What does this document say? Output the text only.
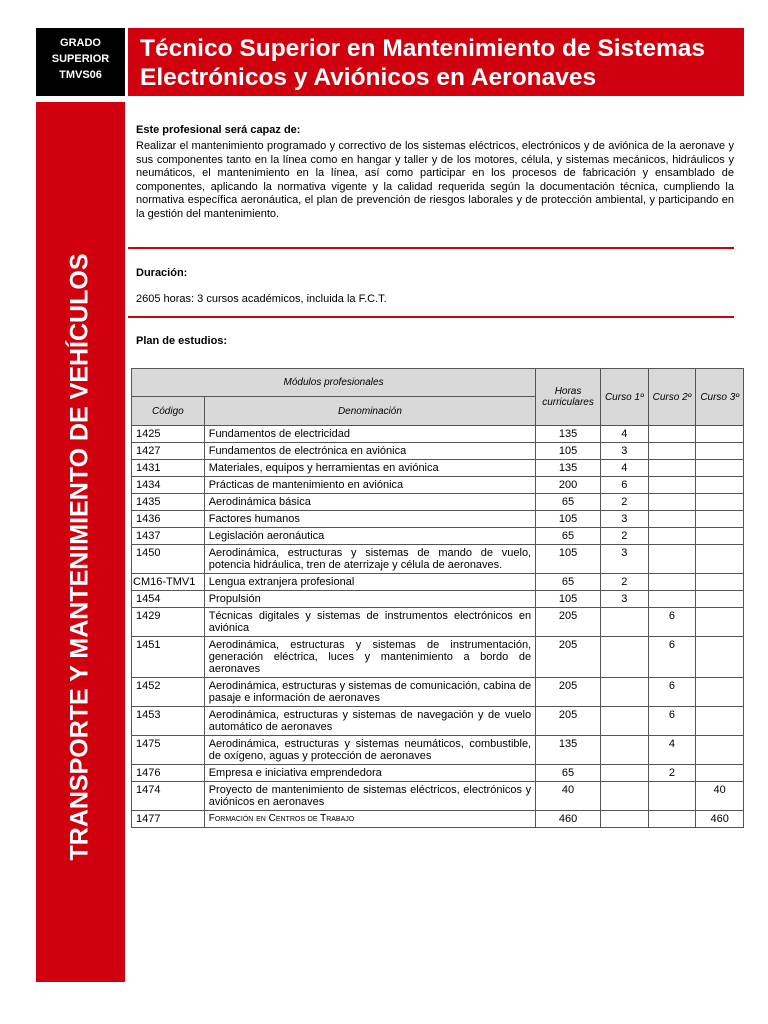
GRADO
SUPERIOR
TMVS06
Técnico Superior en Mantenimiento de Sistemas
Electrónicos y Aviónicos en Aeronaves
TRANSPORTE Y MANTENIMIENTO DE VEHÍCULOS

Este profesional será capaz de:

Realizar el mantenimiento programado y correctivo de los sistemas eléctricos, electrónicos y de aviónica de la aeronave y sus componentes tanto en la línea como en hangar y taller y de los motores, célula, y sistemas mecánicos, hidráulicos y neumáticos, el mantenimiento en la línea, así como participar en los procesos de fabricación y ensamblado de componentes, aplicando la normativa vigente y la calidad requerida según la documentación técnica, cumpliendo la normativa específica aeronáutica, el plan de prevención de riesgos laborales y de protección ambiental, y participando en la gestión del mantenimiento.

Duración:

2605 horas: 3 cursos académicos, incluida la F.C.T.

Plan de estudios:

Módulos profesionales		Horas curriculares	Curso 1º	Curso 2º	Curso 3º
Código	Denominación				
1425	Fundamentos de electricidad	135	4		
1427	Fundamentos de electrónica en aviónica	105	3		
1431	Materiales, equipos y herramientas en aviónica	135	4		
1434	Prácticas de mantenimiento en aviónica	200	6		
1435	Aerodinámica básica	65	2		
1436	Factores humanos	105	3		
1437	Legislación aeronáutica	65	2		
1450	Aerodinámica, estructuras y sistemas de mando de vuelo, potencia hidráulica, tren de aterrizaje y célula de aeronaves.	105	3		
CM16-TMV1	Lengua extranjera profesional	65	2		
1454	Propulsión	105	3		
1429	Técnicas digitales y sistemas de instrumentos electrónicos en aviónica	205		6	
1451	Aerodinámica, estructuras y sistemas de instrumentación, generación eléctrica, luces y mantenimiento a bordo de aeronaves	205		6	
1452	Aerodinámica, estructuras y sistemas de comunicación, cabina de pasaje e información de aeronaves	205		6	
1453	Aerodinámica, estructuras y sistemas de navegación y de vuelo automático de aeronaves	205		6	
1475	Aerodinámica, estructuras y sistemas neumáticos, combustible, de oxígeno, aguas y protección de aeronaves	135		4	
1476	Empresa e iniciativa emprendedora	65		2	
1474	Proyecto de mantenimiento de sistemas eléctricos, electrónicos y aviónicos en aeronaves	40			40
1477	Formación en Centros de Trabajo	460			460
